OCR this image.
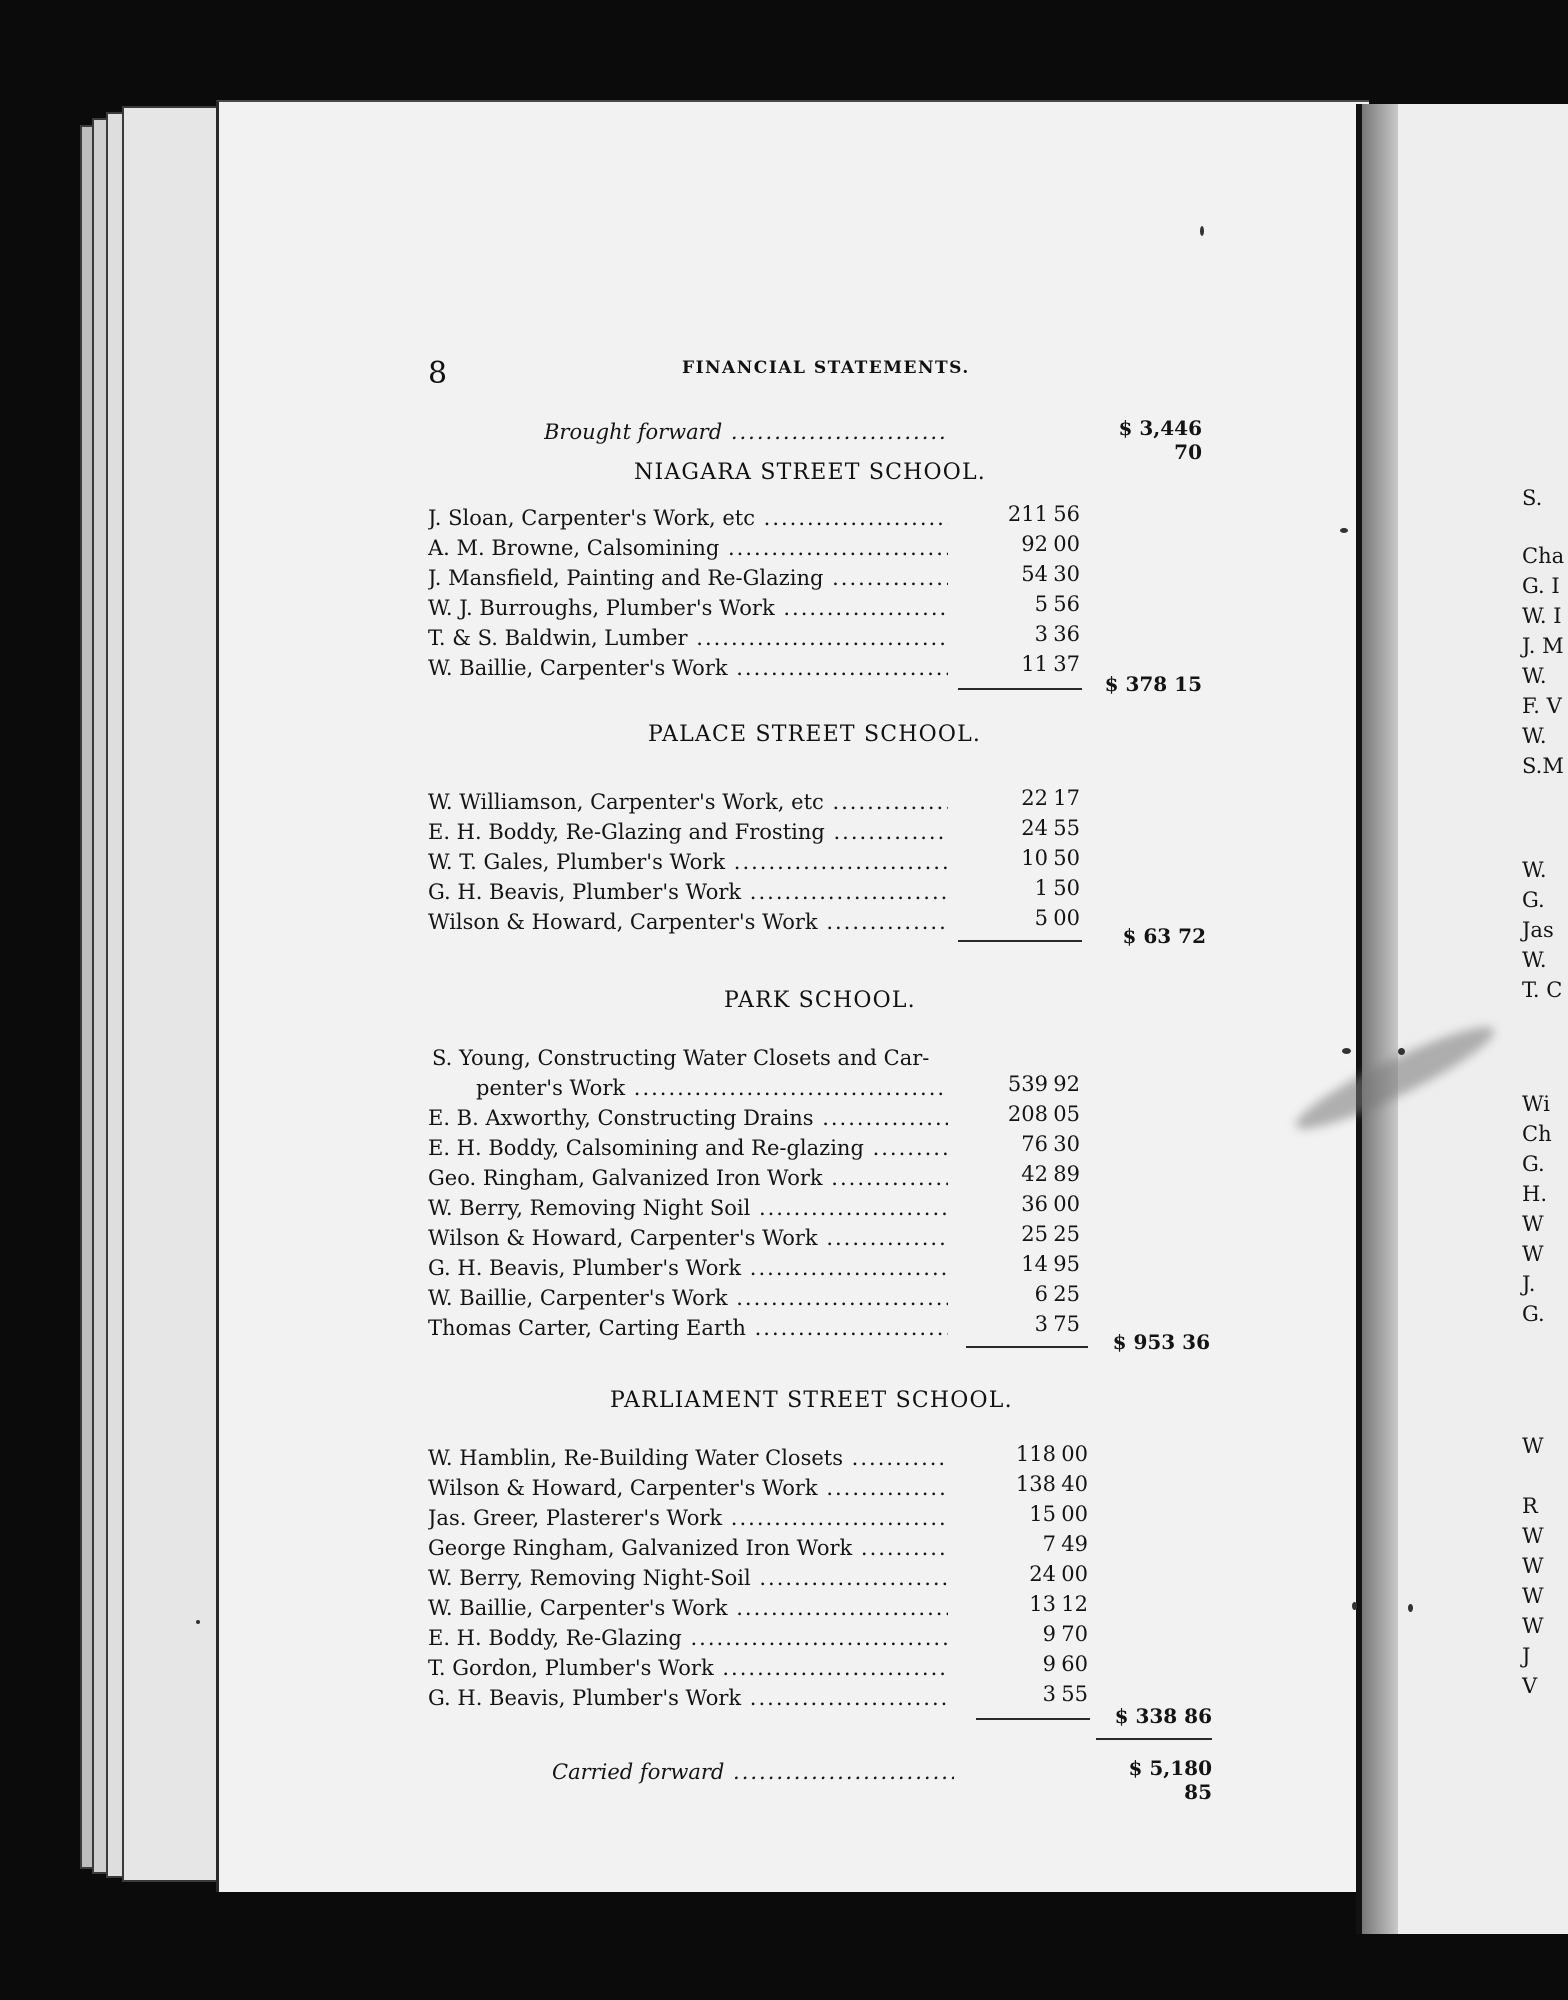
8	FINANCIAL STATEMENTS.
Brought forward .....	$ 3,446 70
NIAGARA STREET SCHOOL.
J. Sloan, Carpenter's Work, etc .....	211 56
A. M. Browne, Calsomining .....	92 00
J. Mansfield, Painting and Re-Glazing .....	54 30
W. J. Burroughs, Plumber's Work .....	5 56
T. & S. Baldwin, Lumber .....	3 36
W. Baillie, Carpenter's Work .....	11 37
$ 378 15
PALACE STREET SCHOOL.
W. Williamson, Carpenter's Work, etc .....	22 17
E. H. Boddy, Re-Glazing and Frosting .....	24 55
W. T. Gales, Plumber's Work .....	10 50
G. H. Beavis, Plumber's Work .....	1 50
Wilson & Howard, Carpenter's Work .....	5 00
$ 63 72
PARK SCHOOL.
S. Young, Constructing Water Closets and Car-
penter's Work .....	539 92
E. B. Axworthy, Constructing Drains .....	208 05
E. H. Boddy, Calsomining and Re-glazing .....	76 30
Geo. Ringham, Galvanized Iron Work .....	42 89
W. Berry, Removing Night Soil .....	36 00
Wilson & Howard, Carpenter's Work .....	25 25
G. H. Beavis, Plumber's Work .....	14 95
W. Baillie, Carpenter's Work .....	6 25
Thomas Carter, Carting Earth .....	3 75
$ 953 36
PARLIAMENT STREET SCHOOL.
W. Hamblin, Re-Building Water Closets .....	118 00
Wilson & Howard, Carpenter's Work .....	138 40
Jas. Greer, Plasterer's Work .....	15 00
George Ringham, Galvanized Iron Work .....	7 49
W. Berry, Removing Night-Soil .....	24 00
W. Baillie, Carpenter's Work .....	13 12
E. H. Boddy, Re-Glazing .....	9 70
T. Gordon, Plumber's Work .....	9 60
G. H. Beavis, Plumber's Work .....	3 55
$ 338 86
Carried forward .....	$ 5,180 85
S.
Cha
G. I
W. I
J. M
W.
F. V
W.
S.M
W.
G.
Jas
W.
T. C
Wi
Ch
G.
H.
W
W
J.
G.
W
R
W
W
W
W
J
V
